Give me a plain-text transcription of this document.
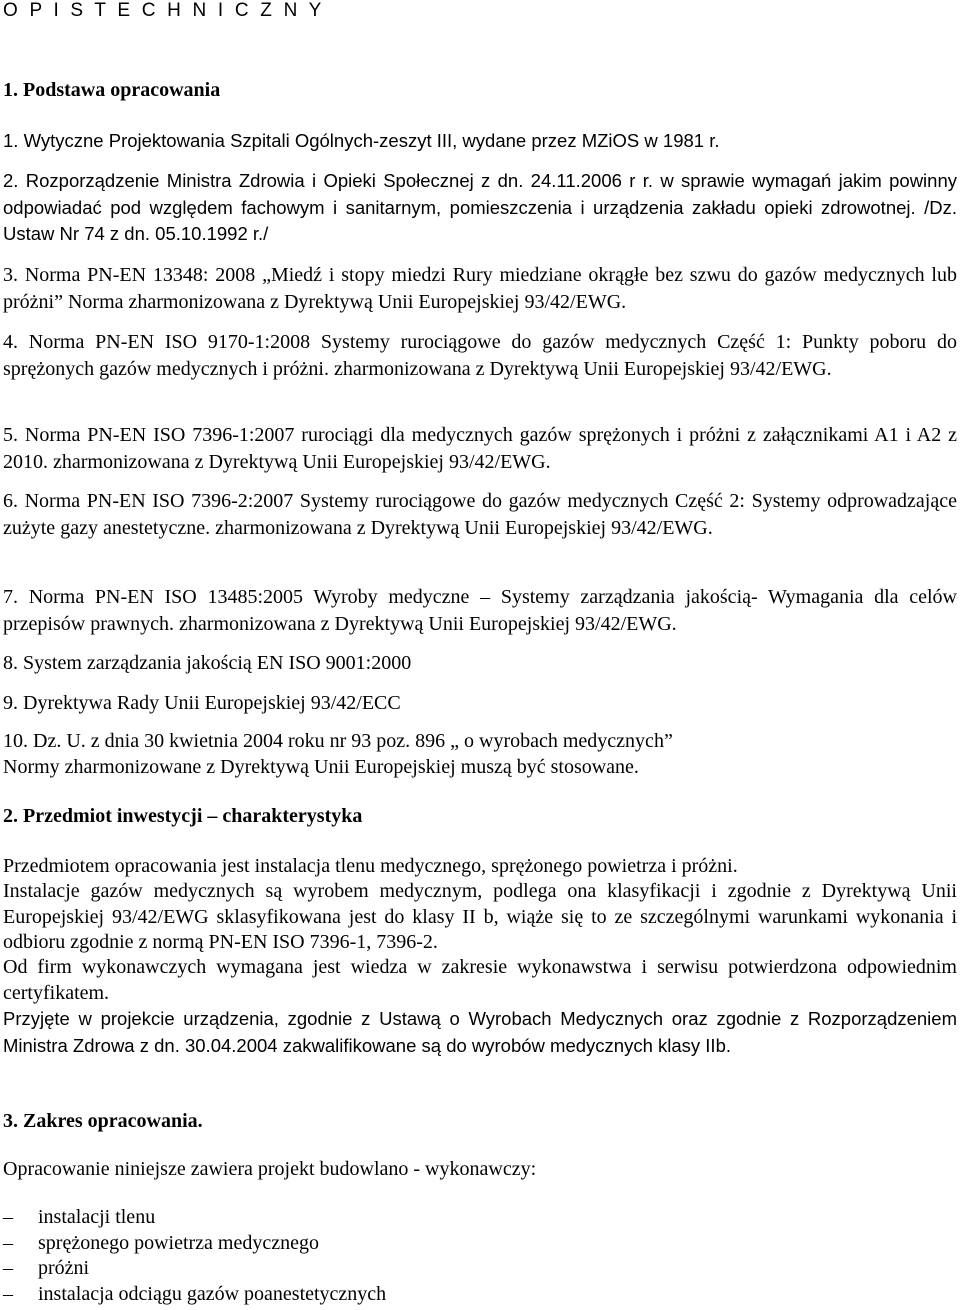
O P I S T E C H N I C Z N Y
1. Podstawa opracowania

1. Wytyczne Projektowania Szpitali Ogólnych-zeszyt III, wydane przez MZiOS w 1981 r.

2. Rozporządzenie Ministra Zdrowia i Opieki Społecznej z dn. 24.11.2006 r r. w sprawie wymagań jakim powinny odpowiadać pod względem fachowym i sanitarnym, pomieszczenia i urządzenia zakładu opieki zdrowotnej. /Dz. Ustaw Nr 74 z dn. 05.10.1992 r./

3. Norma PN-EN 13348: 2008 „Miedź i stopy miedzi Rury miedziane okrągłe bez szwu do gazów medycznych lub próżni” Norma zharmonizowana z Dyrektywą Unii Europejskiej 93/42/EWG.

4. Norma PN-EN ISO 9170-1:2008 Systemy rurociągowe do gazów medycznych Część 1: Punkty poboru do sprężonych gazów medycznych i próżni. zharmonizowana z Dyrektywą Unii Europejskiej 93/42/EWG.

5. Norma PN-EN ISO 7396-1:2007 rurociągi dla medycznych gazów sprężonych i próżni z załącznikami A1 i A2 z 2010. zharmonizowana z Dyrektywą Unii Europejskiej 93/42/EWG.

6. Norma PN-EN ISO 7396-2:2007 Systemy rurociągowe do gazów medycznych Część 2: Systemy odprowadzające zużyte gazy anestetyczne. zharmonizowana z Dyrektywą Unii Europejskiej 93/42/EWG.

7. Norma PN-EN ISO 13485:2005 Wyroby medyczne – Systemy zarządzania jakością- Wymagania dla celów przepisów prawnych. zharmonizowana z Dyrektywą Unii Europejskiej 93/42/EWG.

8. System zarządzania jakością EN ISO 9001:2000

9. Dyrektywa Rady Unii Europejskiej 93/42/ECC

10. Dz. U. z dnia 30 kwietnia 2004 roku nr 93 poz. 896 „ o wyrobach medycznych”

Normy zharmonizowane z Dyrektywą Unii Europejskiej muszą być stosowane.

2. Przedmiot inwestycji – charakterystyka

Przedmiotem opracowania jest instalacja tlenu medycznego, sprężonego powietrza i próżni.

Instalacje gazów medycznych są wyrobem medycznym, podlega ona klasyfikacji i zgodnie z Dyrektywą Unii Europejskiej 93/42/EWG sklasyfikowana jest do klasy II b, wiąże się to ze szczególnymi warunkami wykonania i odbioru zgodnie z normą PN-EN ISO 7396-1, 7396-2.

Od firm wykonawczych wymagana jest wiedza w zakresie wykonawstwa i serwisu potwierdzona odpowiednim certyfikatem.

Przyjęte w projekcie urządzenia, zgodnie z Ustawą o Wyrobach Medycznych oraz zgodnie z Rozporządzeniem Ministra Zdrowa z dn. 30.04.2004 zakwalifikowane są do wyrobów medycznych klasy IIb.

3. Zakres opracowania.

Opracowanie niniejsze zawiera projekt budowlano - wykonawczy:

– instalacji tlenu
– sprężonego powietrza medycznego
– próżni
– instalacja odciągu gazów poanestetycznych
